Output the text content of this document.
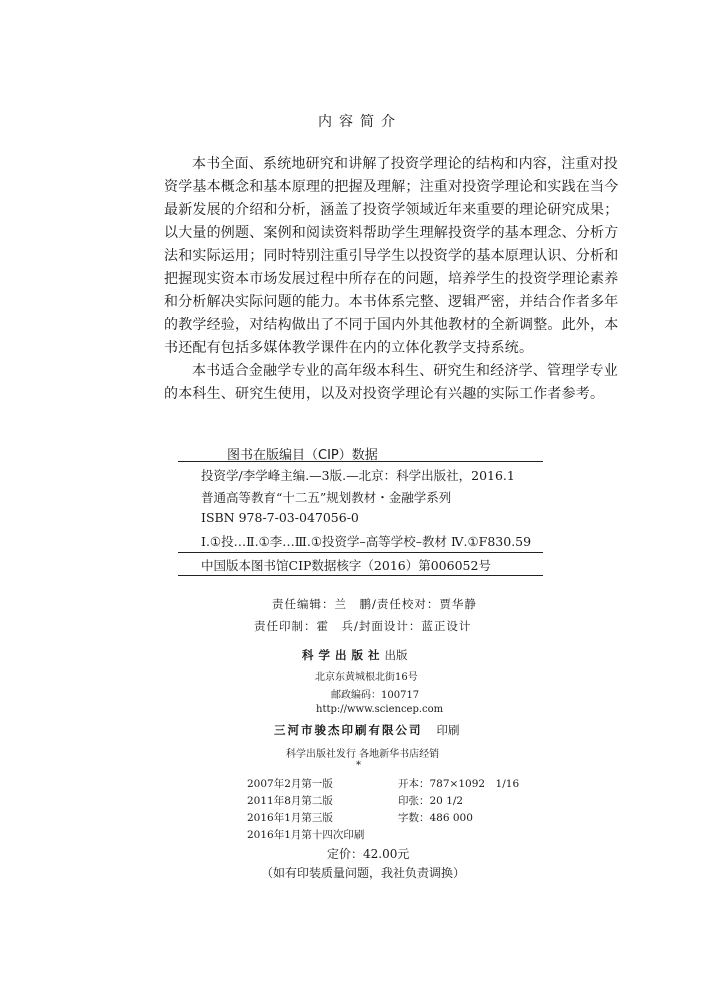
内容简介
本书全面、系统地研究和讲解了投资学理论的结构和内容，注重对投
资学基本概念和基本原理的把握及理解；注重对投资学理论和实践在当今
最新发展的介绍和分析，涵盖了投资学领域近年来重要的理论研究成果；
以大量的例题、案例和阅读资料帮助学生理解投资学的基本理念、分析方
法和实际运用；同时特别注重引导学生以投资学的基本原理认识、分析和
把握现实资本市场发展过程中所存在的问题，培养学生的投资学理论素养
和分析解决实际问题的能力。本书体系完整、逻辑严密，并结合作者多年
的教学经验，对结构做出了不同于国内外其他教材的全新调整。此外，本
书还配有包括多媒体教学课件在内的立体化教学支持系统。
本书适合金融学专业的高年级本科生、研究生和经济学、管理学专业
的本科生、研究生使用，以及对投资学理论有兴趣的实际工作者参考。
图书在版编目（CIP）数据
投资学/李学峰主编.—3版.—北京：科学出版社，2016.1
普通高等教育“十二五”规划教材・金融学系列
ISBN 978-7-03-047056-0
Ⅰ.①投…Ⅱ.①李…Ⅲ.①投资学–高等学校–教材 Ⅳ.①F830.59
中国版本图书馆CIP数据核字（2016）第006052号
责任编辑：兰　鹏/责任校对：贾华静
责任印制：霍　兵/封面设计：蓝正设计
科学出版社出版
北京东黄城根北街16号
邮政编码：100717
http://www.sciencep.com
三河市骏杰印刷有限公司 印刷
科学出版社发行 各地新华书店经销
*
2007年2月第一版	开本：787×1092　1/16
2011年8月第二版	印张：20 1/2
2016年1月第三版	字数：486 000
2016年1月第十四次印刷
定价：42.00元
（如有印装质量问题，我社负责调换）
